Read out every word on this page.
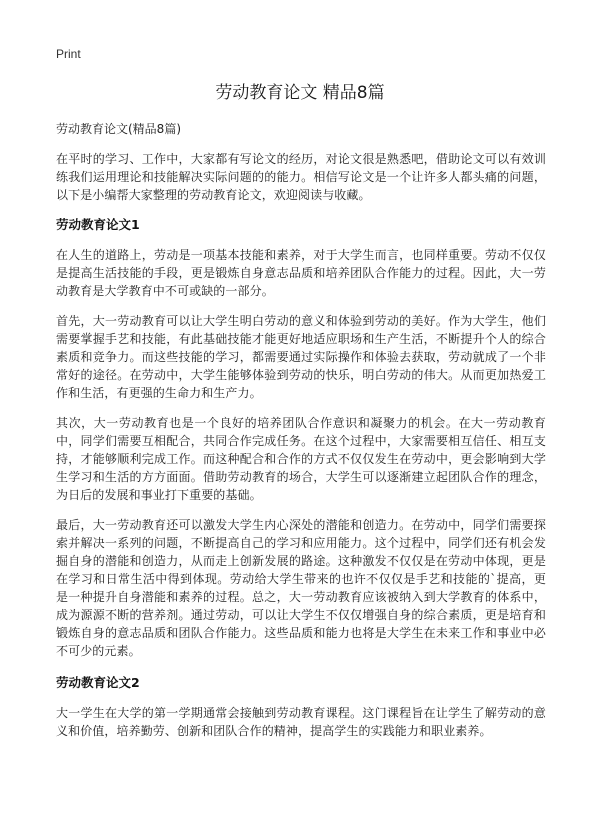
Print
劳动教育论文 精品8篇
劳动教育论文(精品8篇)

在平时的学习、工作中，大家都有写论文的经历，对论文很是熟悉吧，借助论文可以有效训练我们运用理论和技能解决实际问题的的能力。相信写论文是一个让许多人都头痛的问题，以下是小编帮大家整理的劳动教育论文，欢迎阅读与收藏。

劳动教育论文1

在人生的道路上，劳动是一项基本技能和素养，对于大学生而言，也同样重要。劳动不仅仅是提高生活技能的手段，更是锻炼自身意志品质和培养团队合作能力的过程。因此，大一劳动教育是大学教育中不可或缺的一部分。

首先，大一劳动教育可以让大学生明白劳动的意义和体验到劳动的美好。作为大学生，他们需要掌握手艺和技能，有此基础技能才能更好地适应职场和生产生活，不断提升个人的综合素质和竞争力。而这些技能的学习，都需要通过实际操作和体验去获取，劳动就成了一个非常好的途径。在劳动中，大学生能够体验到劳动的快乐，明白劳动的伟大。从而更加热爱工作和生活，有更强的生命力和生产力。

其次，大一劳动教育也是一个良好的培养团队合作意识和凝聚力的机会。在大一劳动教育中，同学们需要互相配合，共同合作完成任务。在这个过程中，大家需要相互信任、相互支持，才能够顺利完成工作。而这种配合和合作的方式不仅仅发生在劳动中，更会影响到大学生学习和生活的方方面面。借助劳动教育的场合，大学生可以逐渐建立起团队合作的理念，为日后的发展和事业打下重要的基础。

最后，大一劳动教育还可以激发大学生内心深处的潜能和创造力。在劳动中，同学们需要探索并解决一系列的问题，不断提高自己的学习和应用能力。这个过程中，同学们还有机会发掘自身的潜能和创造力，从而走上创新发展的路途。这种激发不仅仅是在劳动中体现，更是在学习和日常生活中得到体现。劳动给大学生带来的也许不仅仅是手艺和技能的`提高，更是一种提升自身潜能和素养的过程。总之，大一劳动教育应该被纳入到大学教育的体系中，成为源源不断的营养剂。通过劳动，可以让大学生不仅仅增强自身的综合素质，更是培育和锻炼自身的意志品质和团队合作能力。这些品质和能力也将是大学生在未来工作和事业中必不可少的元素。

劳动教育论文2

大一学生在大学的第一学期通常会接触到劳动教育课程。这门课程旨在让学生了解劳动的意义和价值，培养勤劳、创新和团队合作的精神，提高学生的实践能力和职业素养。
